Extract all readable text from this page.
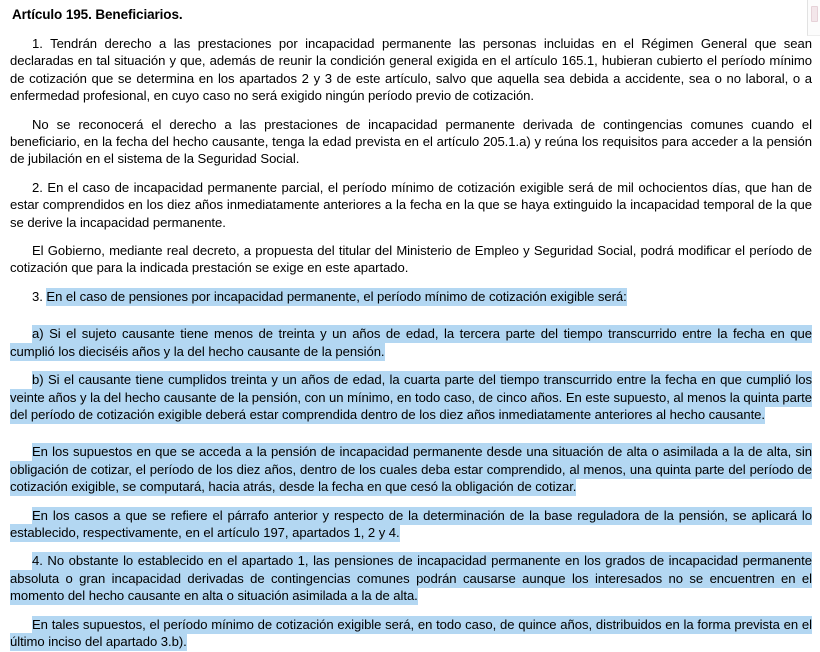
Artículo 195. Beneficiarios.

1. Tendrán derecho a las prestaciones por incapacidad permanente las personas incluidas en el Régimen General que sean declaradas en tal situación y que, además de reunir la condición general exigida en el artículo 165.1, hubieran cubierto el período mínimo de cotización que se determina en los apartados 2 y 3 de este artículo, salvo que aquella sea debida a accidente, sea o no laboral, o a enfermedad profesional, en cuyo caso no será exigido ningún período previo de cotización.

No se reconocerá el derecho a las prestaciones de incapacidad permanente derivada de contingencias comunes cuando el beneficiario, en la fecha del hecho causante, tenga la edad prevista en el artículo 205.1.a) y reúna los requisitos para acceder a la pensión de jubilación en el sistema de la Seguridad Social.

2. En el caso de incapacidad permanente parcial, el período mínimo de cotización exigible será de mil ochocientos días, que han de estar comprendidos en los diez años inmediatamente anteriores a la fecha en la que se haya extinguido la incapacidad temporal de la que se derive la incapacidad permanente.

El Gobierno, mediante real decreto, a propuesta del titular del Ministerio de Empleo y Seguridad Social, podrá modificar el período de cotización que para la indicada prestación se exige en este apartado.

3. En el caso de pensiones por incapacidad permanente, el período mínimo de cotización exigible será:

a) Si el sujeto causante tiene menos de treinta y un años de edad, la tercera parte del tiempo transcurrido entre la fecha en que cumplió los dieciséis años y la del hecho causante de la pensión.

b) Si el causante tiene cumplidos treinta y un años de edad, la cuarta parte del tiempo transcurrido entre la fecha en que cumplió los veinte años y la del hecho causante de la pensión, con un mínimo, en todo caso, de cinco años. En este supuesto, al menos la quinta parte del período de cotización exigible deberá estar comprendida dentro de los diez años inmediatamente anteriores al hecho causante.

En los supuestos en que se acceda a la pensión de incapacidad permanente desde una situación de alta o asimilada a la de alta, sin obligación de cotizar, el período de los diez años, dentro de los cuales deba estar comprendido, al menos, una quinta parte del período de cotización exigible, se computará, hacia atrás, desde la fecha en que cesó la obligación de cotizar.

En los casos a que se refiere el párrafo anterior y respecto de la determinación de la base reguladora de la pensión, se aplicará lo establecido, respectivamente, en el artículo 197, apartados 1, 2 y 4.

4. No obstante lo establecido en el apartado 1, las pensiones de incapacidad permanente en los grados de incapacidad permanente absoluta o gran incapacidad derivadas de contingencias comunes podrán causarse aunque los interesados no se encuentren en el momento del hecho causante en alta o situación asimilada a la de alta.

En tales supuestos, el período mínimo de cotización exigible será, en todo caso, de quince años, distribuidos en la forma prevista en el último inciso del apartado 3.b).
